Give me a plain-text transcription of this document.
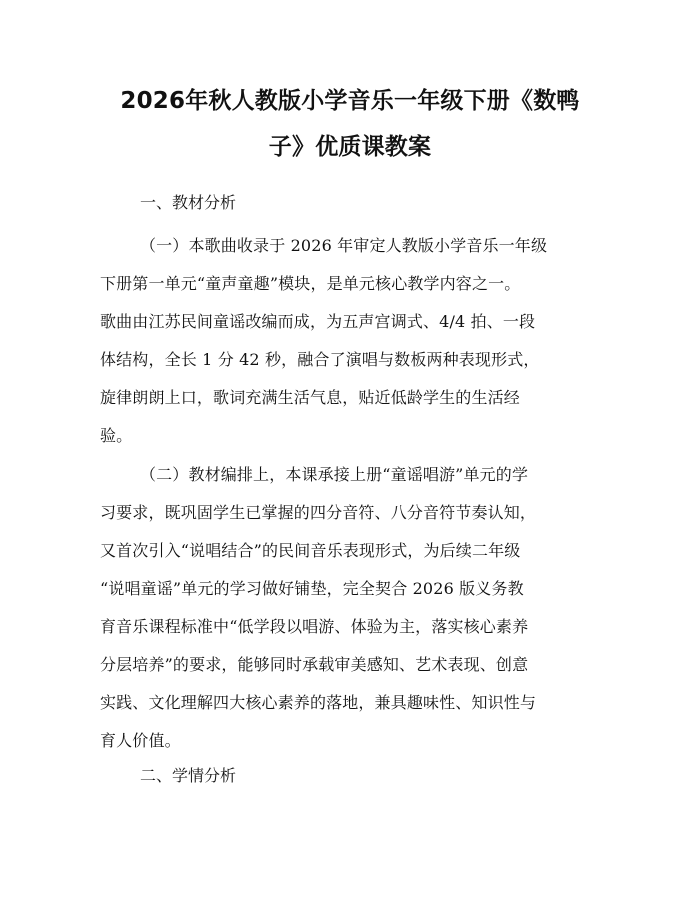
2026年秋人教版小学音乐一年级下册《数鸭
子》优质课教案
一、教材分析
（一）本歌曲收录于 2026 年审定人教版小学音乐一年级
下册第一单元“童声童趣”模块，是单元核心教学内容之一。
歌曲由江苏民间童谣改编而成，为五声宫调式、4/4 拍、一段
体结构，全长 1 分 42 秒，融合了演唱与数板两种表现形式，
旋律朗朗上口，歌词充满生活气息，贴近低龄学生的生活经
验。
（二）教材编排上，本课承接上册“童谣唱游”单元的学
习要求，既巩固学生已掌握的四分音符、八分音符节奏认知，
又首次引入“说唱结合”的民间音乐表现形式，为后续二年级
“说唱童谣”单元的学习做好铺垫，完全契合 2026 版义务教
育音乐课程标准中“低学段以唱游、体验为主，落实核心素养
分层培养”的要求，能够同时承载审美感知、艺术表现、创意
实践、文化理解四大核心素养的落地，兼具趣味性、知识性与
育人价值。
二、学情分析
